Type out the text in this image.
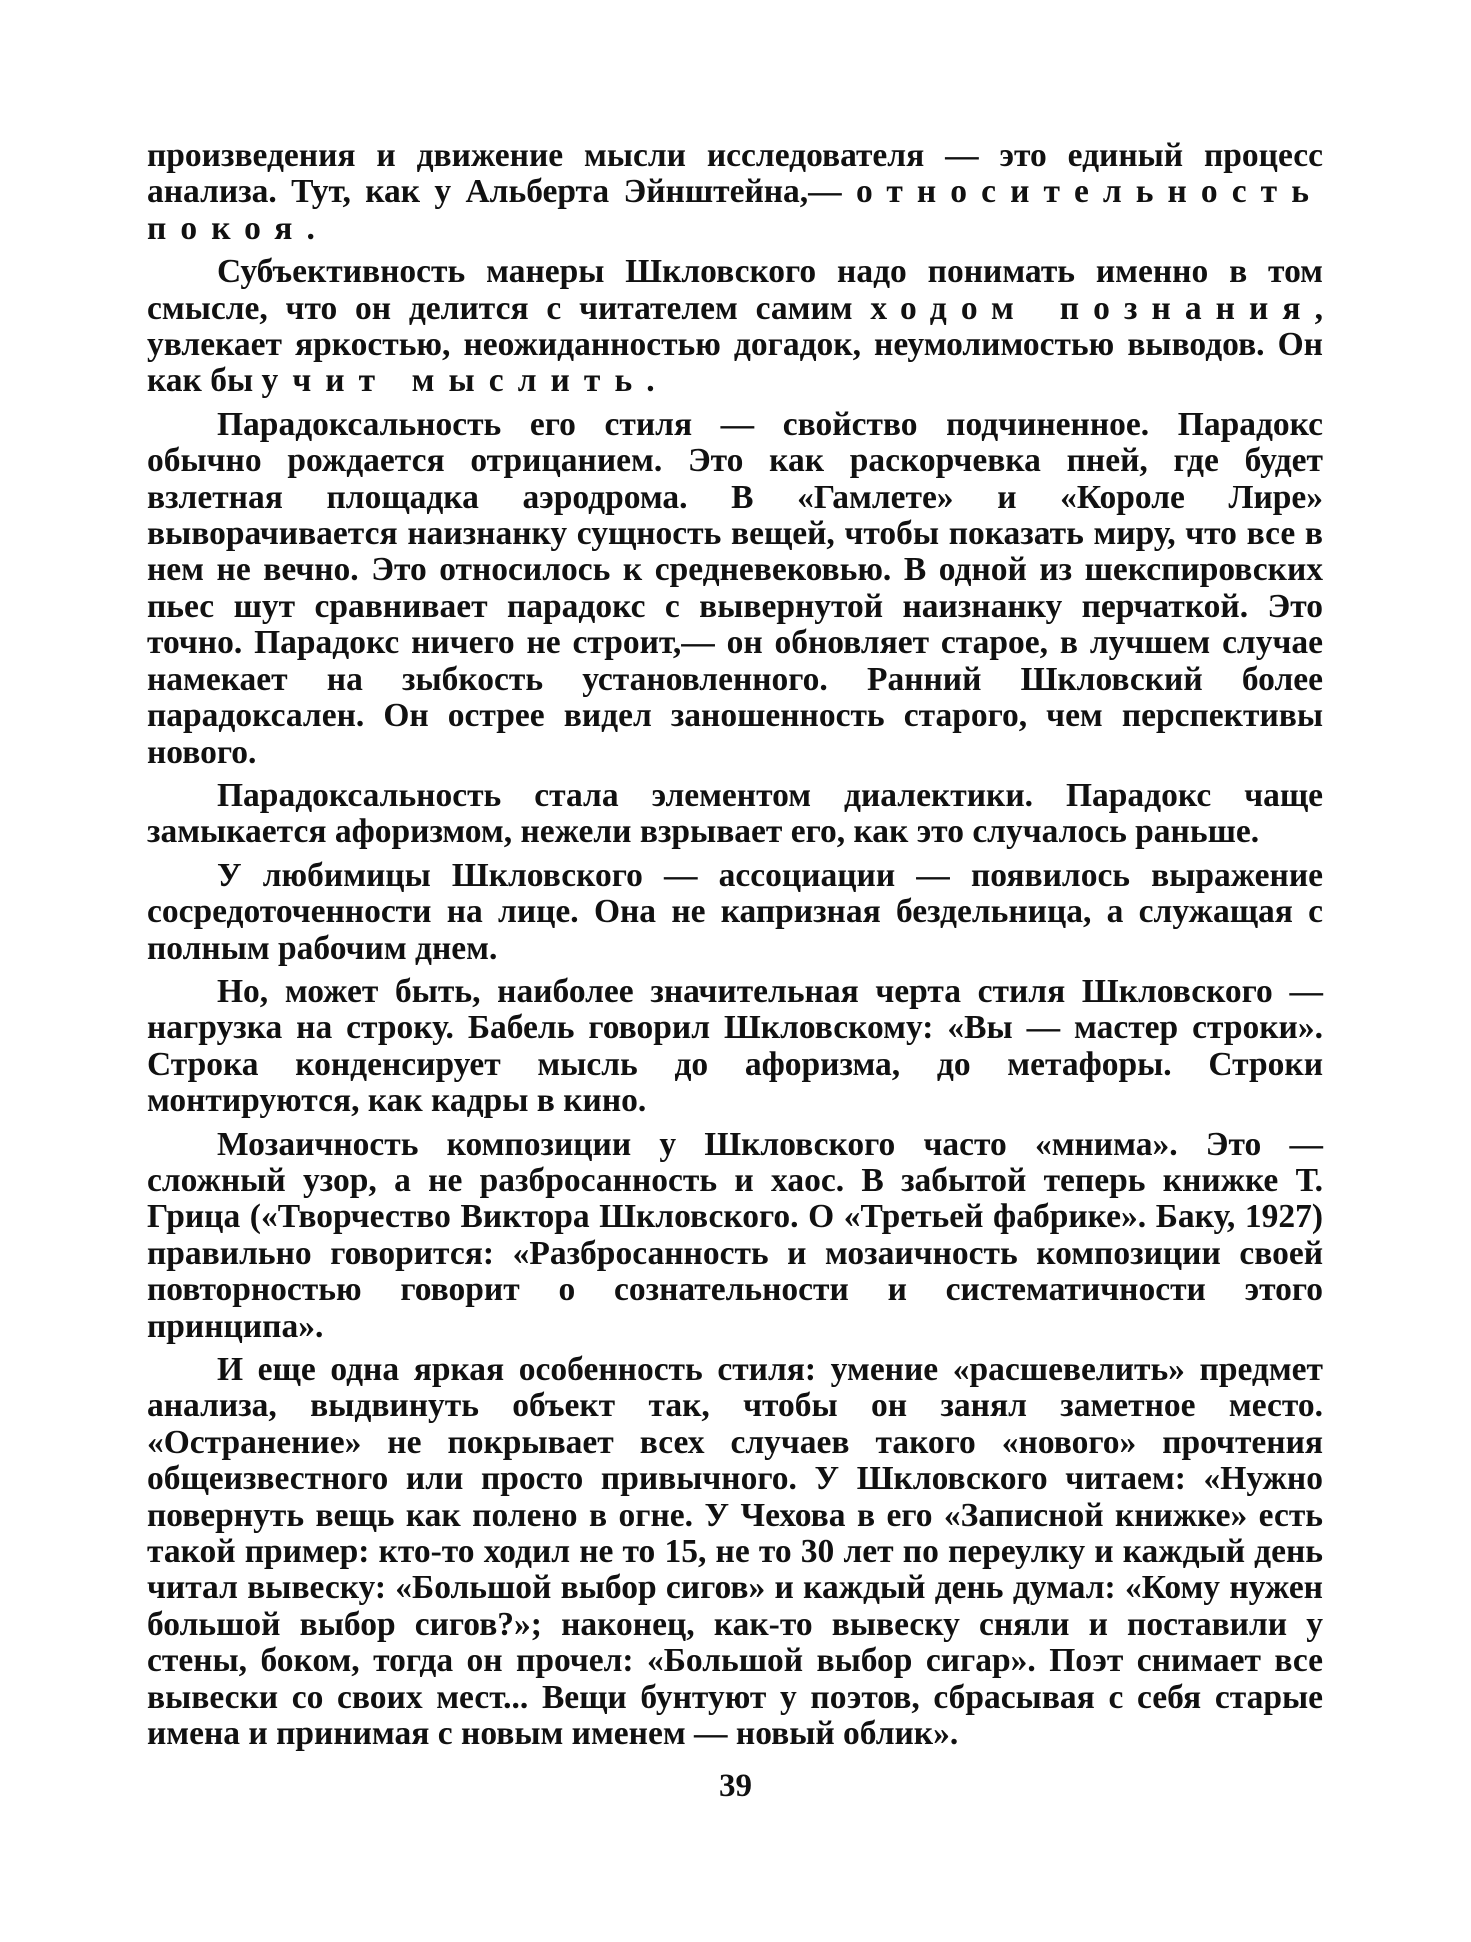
произведения и движение мысли исследователя — это единый процесс анализа. Тут, как у Альберта Эйнштейна,— относительность покоя.

Субъективность манеры Шкловского надо понимать именно в том смысле, что он делится с читателем самим ходом познания, увлекает яркостью, неожиданностью догадок, неумолимостью выводов. Он как бы учит мыслить.

Парадоксальность его стиля — свойство подчиненное. Парадокс обычно рождается отрицанием. Это как раскорчевка пней, где будет взлетная площадка аэродрома. В «Гамлете» и «Короле Лире» выворачивается наизнанку сущность вещей, чтобы показать миру, что все в нем не вечно. Это относилось к средневековью. В одной из шекспировских пьес шут сравнивает парадокс с вывернутой наизнанку перчаткой. Это точно. Парадокс ничего не строит,— он обновляет старое, в лучшем случае намекает на зыбкость установленного. Ранний Шкловский более парадоксален. Он острее видел заношенность старого, чем перспективы нового.

Парадоксальность стала элементом диалектики. Парадокс чаще замыкается афоризмом, нежели взрывает его, как это случалось раньше.

У любимицы Шкловского — ассоциации — появилось выражение сосредоточенности на лице. Она не капризная бездельница, а служащая с полным рабочим днем.

Но, может быть, наиболее значительная черта стиля Шкловского — нагрузка на строку. Бабель говорил Шкловскому: «Вы — мастер строки». Строка конденсирует мысль до афоризма, до метафоры. Строки монтируются, как кадры в кино.

Мозаичность композиции у Шкловского часто «мнима». Это — сложный узор, а не разбросанность и хаос. В забытой теперь книжке Т. Грица («Творчество Виктора Шкловского. О «Третьей фабрике». Баку, 1927) правильно говорится: «Разбросанность и мозаичность композиции своей повторностью говорит о сознательности и систематичности этого принципа».

И еще одна яркая особенность стиля: умение «расшевелить» предмет анализа, выдвинуть объект так, чтобы он занял заметное место. «Остранение» не покрывает всех случаев такого «нового» прочтения общеизвестного или просто привычного. У Шкловского читаем: «Нужно повернуть вещь как полено в огне. У Чехова в его «Записной книжке» есть такой пример: кто-то ходил не то 15, не то 30 лет по переулку и каждый день читал вывеску: «Большой выбор сигов» и каждый день думал: «Кому нужен большой выбор сигов?»; наконец, как-то вывеску сняли и поставили у стены, боком, тогда он прочел: «Большой выбор сигар». Поэт снимает все вывески со своих мест... Вещи бунтуют у поэтов, сбрасывая с себя старые имена и принимая с новым именем — новый облик».

39
